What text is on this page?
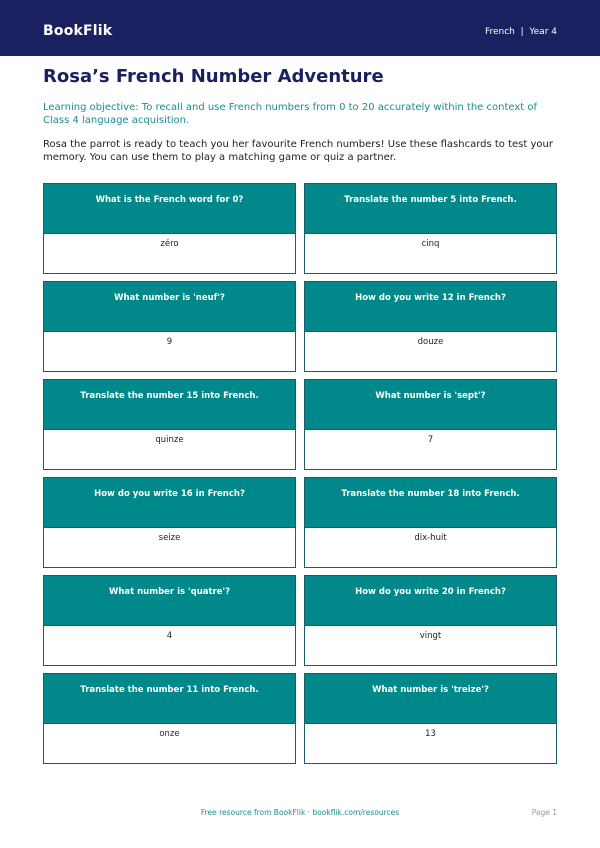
BookFlik	French  |  Year 4
Rosa’s French Number Adventure
Learning objective: To recall and use French numbers from 0 to 20 accurately within the context of Class 4 language acquisition.
Rosa the parrot is ready to teach you her favourite French numbers! Use these flashcards to test your memory. You can use them to play a matching game or quiz a partner.
What is the French word for 0?
zéro
Translate the number 5 into French.
cinq
What number is 'neuf'?
9
How do you write 12 in French?
douze
Translate the number 15 into French.
quinze
What number is 'sept'?
7
How do you write 16 in French?
seize
Translate the number 18 into French.
dix-huit
What number is 'quatre'?
4
How do you write 20 in French?
vingt
Translate the number 11 into French.
onze
What number is 'treize'?
13
Free resource from BookFlik · bookflik.com/resources	Page 1
